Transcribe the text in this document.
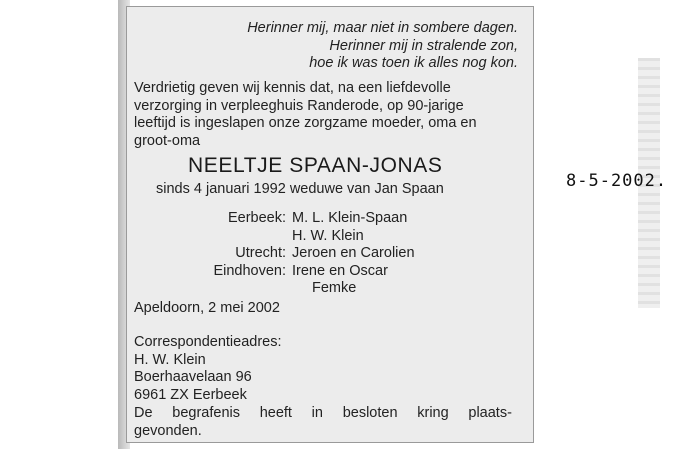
Herinner mij, maar niet in sombere dagen.
Herinner mij in stralende zon,
hoe ik was toen ik alles nog kon.
Verdrietig geven wij kennis dat, na een liefdevolle
verzorging in verpleeghuis Randerode, op 90-jarige
leeftijd is ingeslapen onze zorgzame moeder, oma en
groot-oma
NEELTJE SPAAN-JONAS
sinds 4 januari 1992 weduwe van Jan Spaan
Eerbeek: M. L. Klein-Spaan
H. W. Klein
Utrecht: Jeroen en Carolien
Eindhoven: Irene en Oscar
Femke
Apeldoorn, 2 mei 2002
Correspondentieadres:
H. W. Klein
Boerhaavelaan 96
6961 ZX Eerbeek
De begrafenis heeft in besloten kring plaats-
gevonden.
8-5-2002.
